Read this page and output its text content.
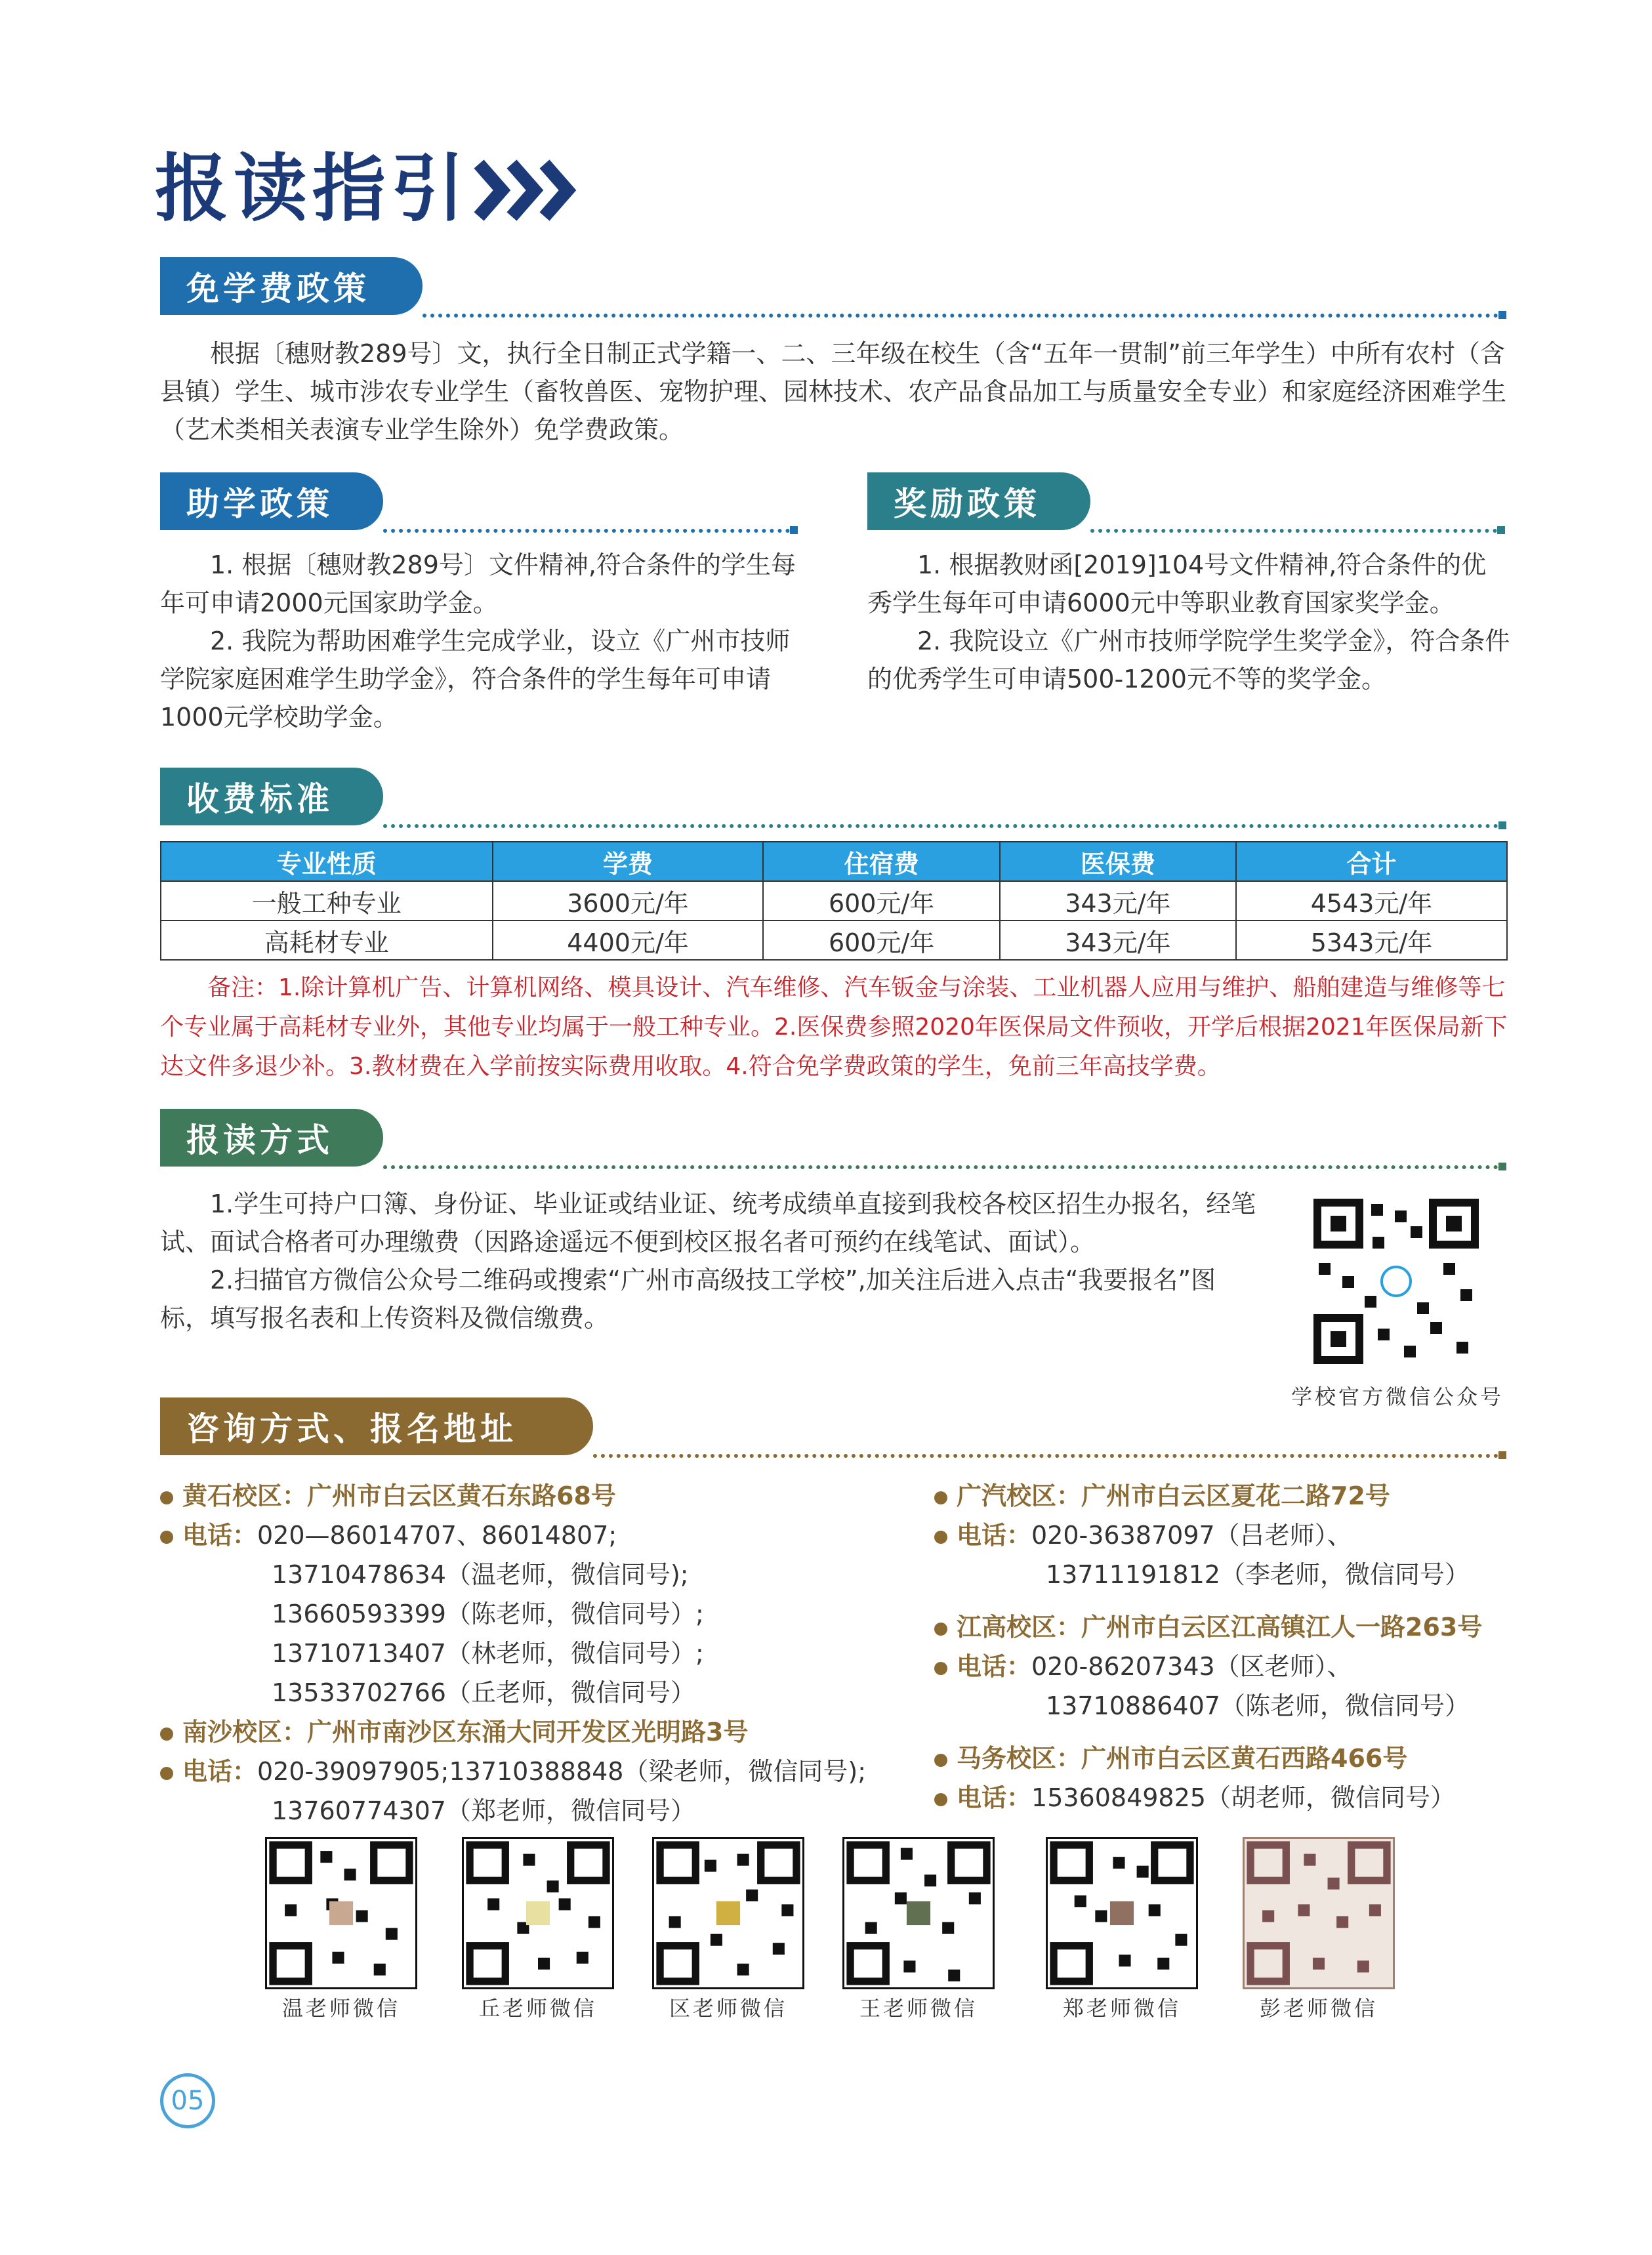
报读指引
免学费政策

根据〔穗财教289号〕文，执行全日制正式学籍一、二、三年级在校生（含“五年一贯制”前三年学生）中所有农村（含县镇）学生、城市涉农专业学生（畜牧兽医、宠物护理、园林技术、农产品食品加工与质量安全专业）和家庭经济困难学生（艺术类相关表演专业学生除外）免学费政策。

助学政策

1. 根据〔穗财教289号〕文件精神,符合条件的学生每年可申请2000元国家助学金。

2. 我院为帮助困难学生完成学业，设立《广州市技师学院家庭困难学生助学金》，符合条件的学生每年可申请1000元学校助学金。

奖励政策

1. 根据教财函[2019]104号文件精神,符合条件的优秀学生每年可申请6000元中等职业教育国家奖学金。

2. 我院设立《广州市技师学院学生奖学金》，符合条件的优秀学生可申请500-1200元不等的奖学金。

收费标准
专业性质	学费	住宿费	医保费	合计
一般工种专业	3600元/年	600元/年	343元/年	4543元/年
高耗材专业	4400元/年	600元/年	343元/年	5343元/年

备注：1.除计算机广告、计算机网络、模具设计、汽车维修、汽车钣金与涂装、工业机器人应用与维护、船舶建造与维修等七个专业属于高耗材专业外，其他专业均属于一般工种专业。2.医保费参照2020年医保局文件预收，开学后根据2021年医保局新下达文件多退少补。3.教材费在入学前按实际费用收取。4.符合免学费政策的学生，免前三年高技学费。

报读方式

1.学生可持户口簿、身份证、毕业证或结业证、统考成绩单直接到我校各校区招生办报名，经笔试、面试合格者可办理缴费（因路途遥远不便到校区报名者可预约在线笔试、面试）。

2.扫描官方微信公众号二维码或搜索“广州市高级技工学校”,加关注后进入点击“我要报名”图标，填写报名表和上传资料及微信缴费。

学校官方微信公众号
咨询方式、报名地址
黄石校区：广州市白云区黄石东路68号
电话：020—86014707、86014807;
13710478634（温老师，微信同号);
13660593399（陈老师，微信同号）;
13710713407（林老师，微信同号）;
13533702766（丘老师，微信同号）
南沙校区：广州市南沙区东涌大同开发区光明路3号
电话：020-39097905;13710388848（梁老师，微信同号);
13760774307（郑老师，微信同号）
广汽校区：广州市白云区夏花二路72号
电话：020-36387097（吕老师）、
13711191812（李老师，微信同号）
江高校区：广州市白云区江高镇江人一路263号
电话：020-86207343（区老师）、
13710886407（陈老师，微信同号）
马务校区：广州市白云区黄石西路466号
电话：15360849825（胡老师，微信同号）
温老师微信	丘老师微信	区老师微信	王老师微信	郑老师微信	彭老师微信
05
